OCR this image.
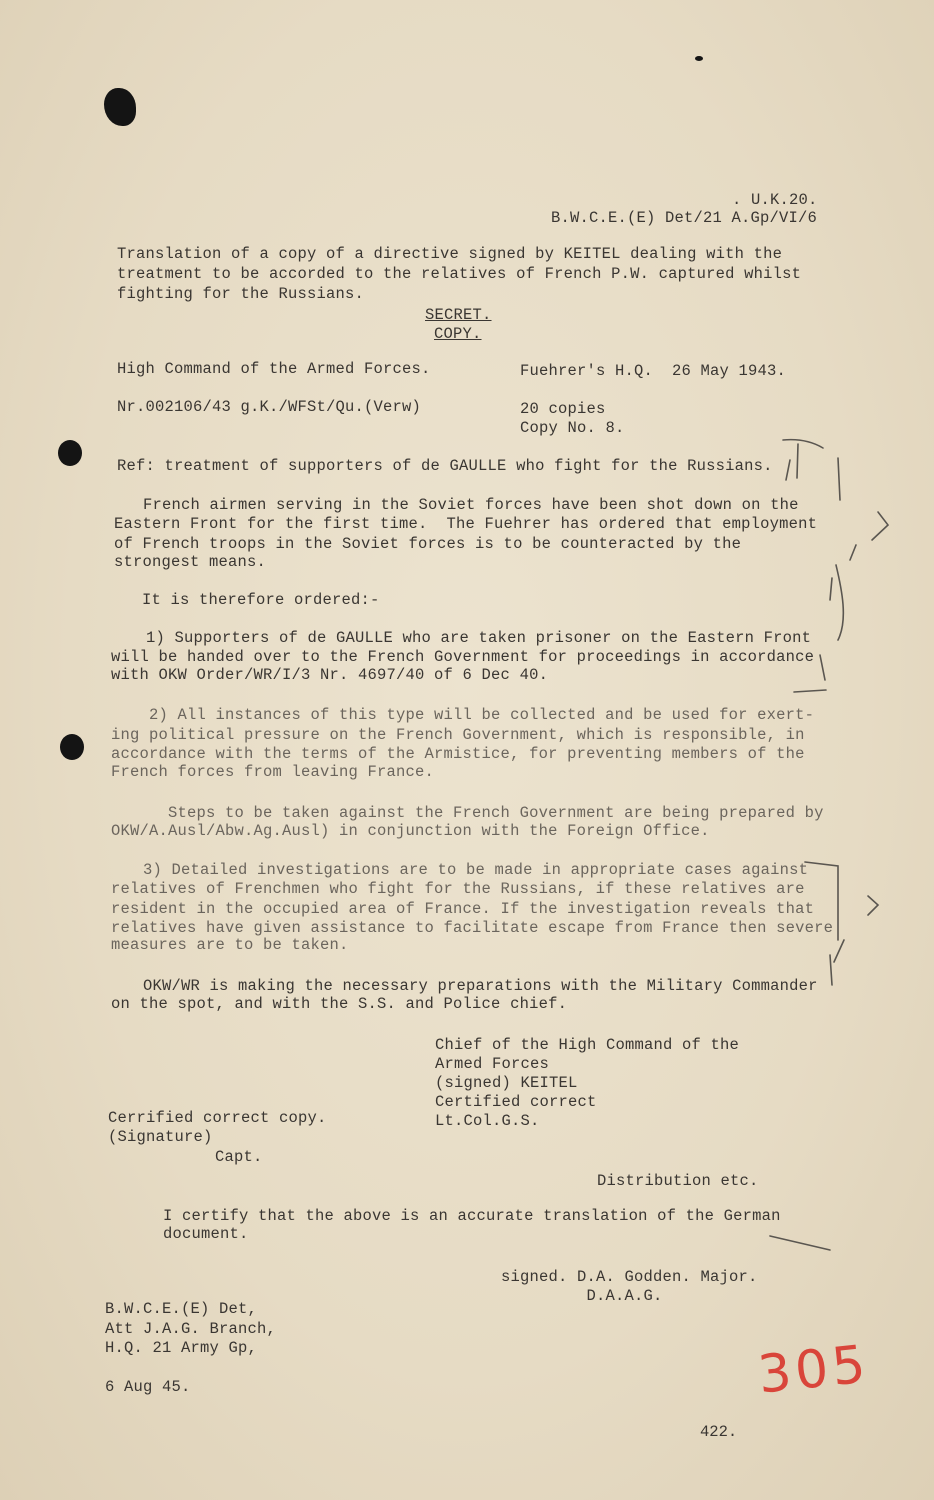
. U.K.20.
B.W.C.E.(E) Det/21 A.Gp/VI/6
Translation of a copy of a directive signed by KEITEL dealing with the
treatment to be accorded to the relatives of French P.W. captured whilst
fighting for the Russians.
SECRET.
COPY.
High Command of the Armed Forces.
Nr.002106/43 g.K./WFSt/Qu.(Verw)
Fuehrer's H.Q.  26 May 1943.
20 copies
Copy No. 8.
Ref: treatment of supporters of de GAULLE who fight for the Russians.
French airmen serving in the Soviet forces have been shot down on the
Eastern Front for the first time.  The Fuehrer has ordered that employment
of French troops in the Soviet forces is to be counteracted by the
strongest means.
It is therefore ordered:-
1) Supporters of de GAULLE who are taken prisoner on the Eastern Front
will be handed over to the French Government for proceedings in accordance
with OKW Order/WR/I/3 Nr. 4697/40 of 6 Dec 40.
2) All instances of this type will be collected and be used for exert-
ing political pressure on the French Government, which is responsible, in
accordance with the terms of the Armistice, for preventing members of the
French forces from leaving France.
Steps to be taken against the French Government are being prepared by
OKW/A.Ausl/Abw.Ag.Ausl) in conjunction with the Foreign Office.
3) Detailed investigations are to be made in appropriate cases against
relatives of Frenchmen who fight for the Russians, if these relatives are
resident in the occupied area of France. If the investigation reveals that
relatives have given assistance to facilitate escape from France then severe
measures are to be taken.
OKW/WR is making the necessary preparations with the Military Commander
on the spot, and with the S.S. and Police chief.
Chief of the High Command of the
Armed Forces
(signed) KEITEL
Certified correct
Lt.Col.G.S.
Cerrified correct copy.
(Signature)
Capt.
Distribution etc.
I certify that the above is an accurate translation of the German
document.
signed. D.A. Godden. Major.
D.A.A.G.
B.W.C.E.(E) Det,
Att J.A.G. Branch,
H.Q. 21 Army Gp,
6 Aug 45.
422.
305
